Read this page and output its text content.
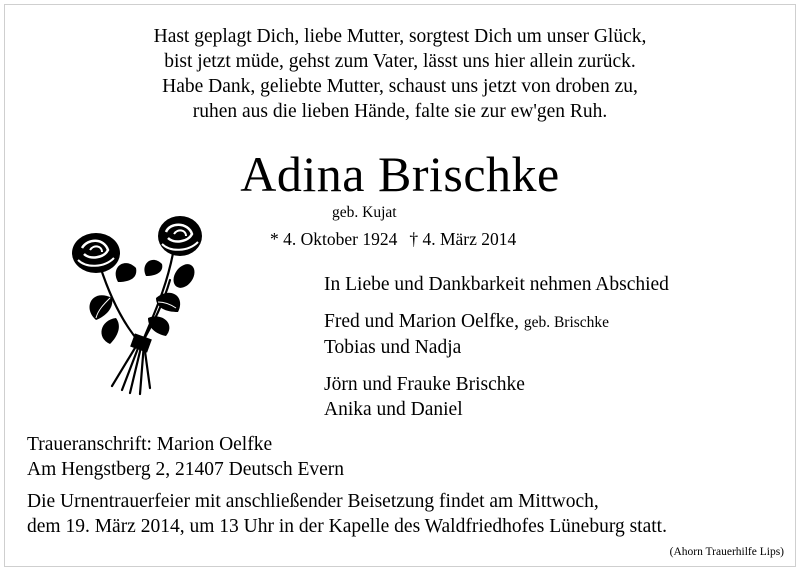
Hast geplagt Dich, liebe Mutter, sorgtest Dich um unser Glück,
bist jetzt müde, gehst zum Vater, lässt uns hier allein zurück.
Habe Dank, geliebte Mutter, schaust uns jetzt von droben zu,
ruhen aus die lieben Hände, falte sie zur ew'gen Ruh.
Adina Brischke
geb. Kujat
* 4. Oktober 1924 † 4. März 2014
In Liebe und Dankbarkeit nehmen Abschied
Fred und Marion Oelfke, geb. Brischke
Tobias und Nadja
Jörn und Frauke Brischke
Anika und Daniel
Traueranschrift: Marion Oelfke
Am Hengstberg 2, 21407 Deutsch Evern
Die Urnentrauerfeier mit anschließender Beisetzung findet am Mittwoch,
dem 19. März 2014, um 13 Uhr in der Kapelle des Waldfriedhofes Lüneburg statt.
(Ahorn Trauerhilfe Lips)
